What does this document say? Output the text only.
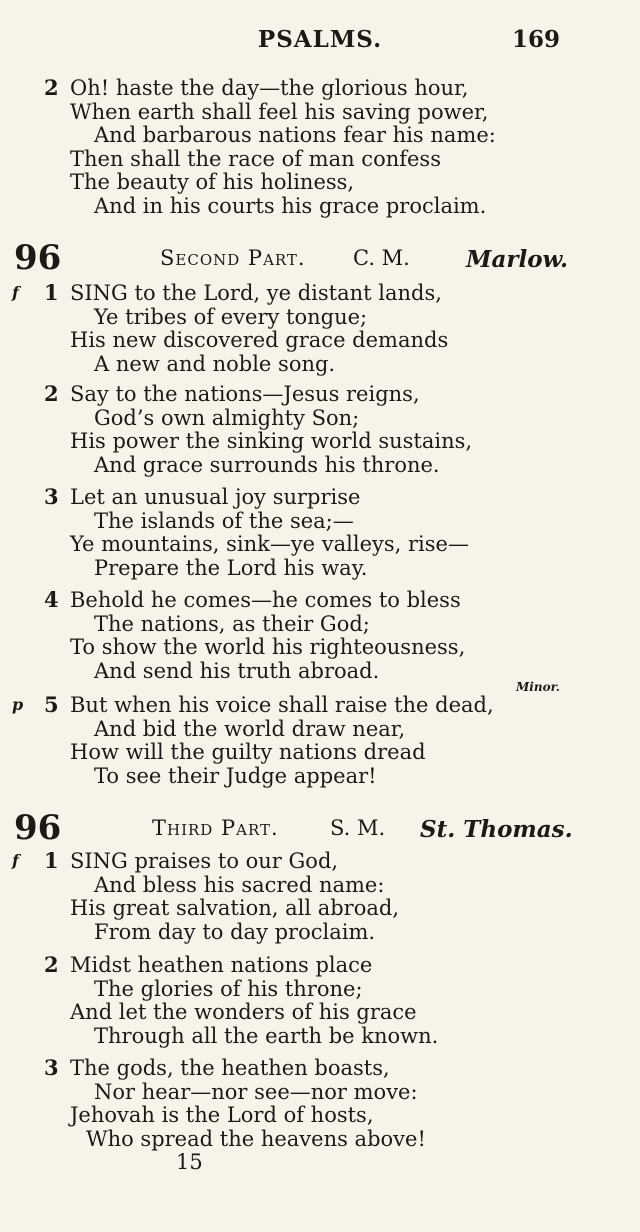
PSALMS.	169
2 Oh! haste the day—the glorious hour,
When earth shall feel his saving power,
And barbarous nations fear his name:
Then shall the race of man confess
The beauty of his holiness,
And in his courts his grace proclaim.
96	Second Part. C. M. Marlow.
f 1 SING to the Lord, ye distant lands,
Ye tribes of every tongue;
His new discovered grace demands
A new and noble song.
2 Say to the nations—Jesus reigns,
God’s own almighty Son;
His power the sinking world sustains,
And grace surrounds his throne.
3 Let an unusual joy surprise
The islands of the sea;—
Ye mountains, sink—ye valleys, rise—
Prepare the Lord his way.
4 Behold he comes—he comes to bless
The nations, as their God;
To show the world his righteousness,
And send his truth abroad.
Minor.
p 5 But when his voice shall raise the dead,
And bid the world draw near,
How will the guilty nations dread
To see their Judge appear!
96	Third Part. S. M. St. Thomas.
f 1 SING praises to our God,
And bless his sacred name:
His great salvation, all abroad,
From day to day proclaim.
2 Midst heathen nations place
The glories of his throne;
And let the wonders of his grace
Through all the earth be known.
3 The gods, the heathen boasts,
Nor hear—nor see—nor move:
Jehovah is the Lord of hosts,
Who spread the heavens above!
15
